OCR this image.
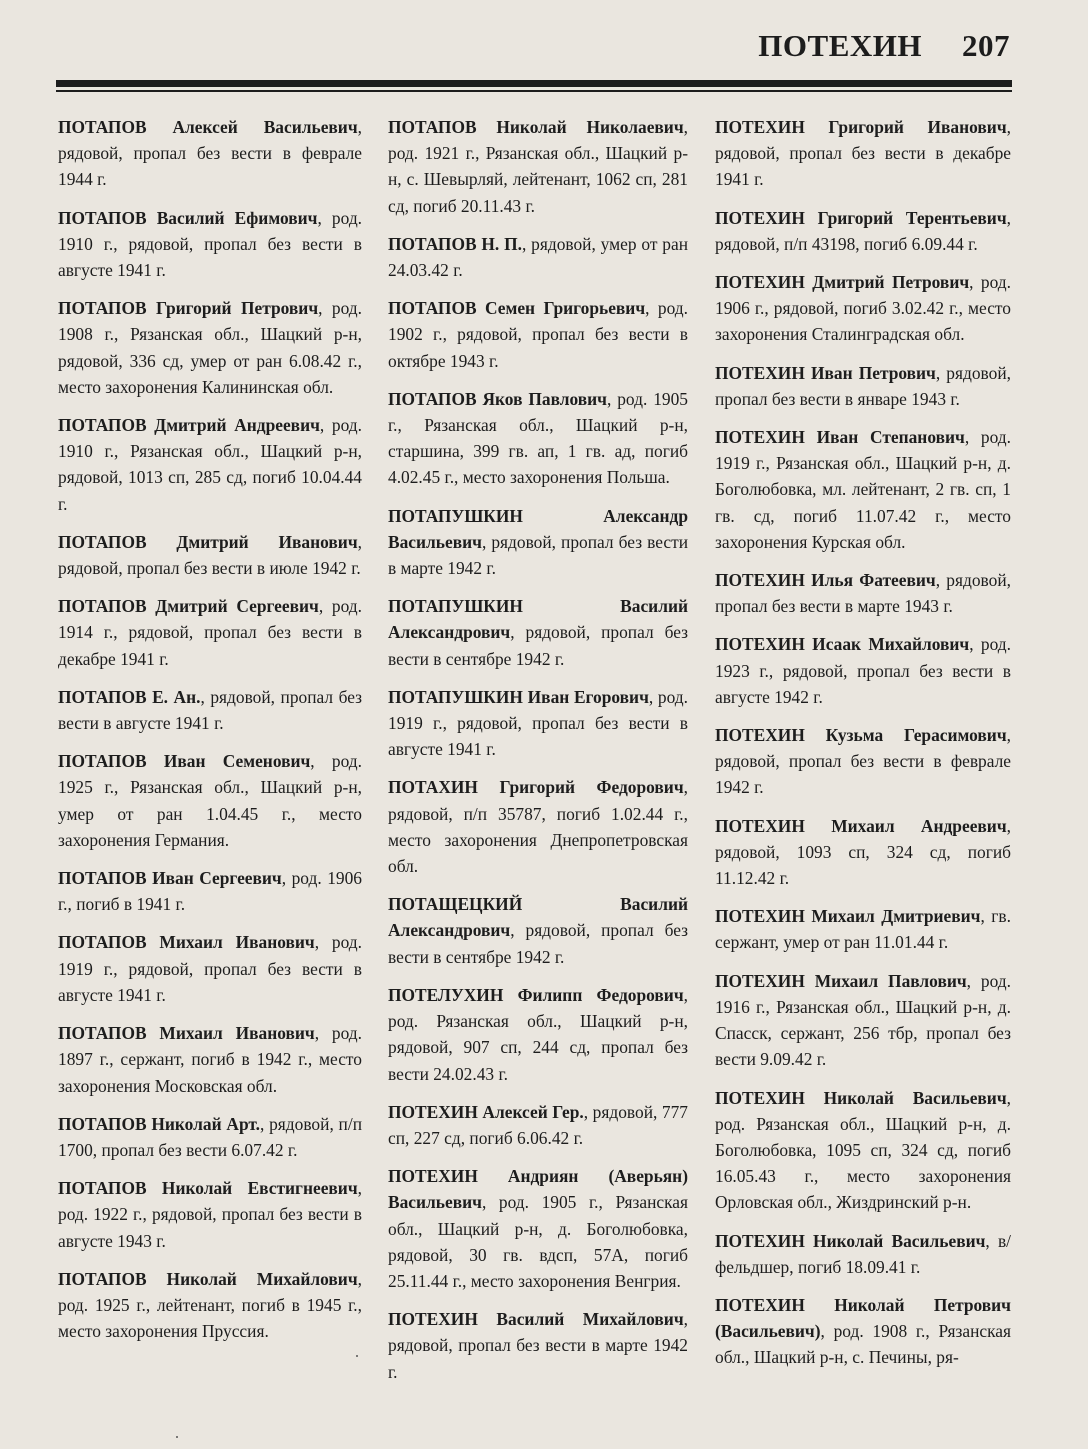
ПОТЕХИН 207

ПОТАПОВ Алексей Васильевич, рядовой, пропал без вести в феврале 1944 г.

ПОТАПОВ Василий Ефимович, род. 1910 г., рядовой, пропал без вести в августе 1941 г.

ПОТАПОВ Григорий Петрович, род. 1908 г., Рязанская обл., Шацкий р-н, рядовой, 336 сд, умер от ран 6.08.42 г., место захоронения Калининская обл.

ПОТАПОВ Дмитрий Андреевич, род. 1910 г., Рязанская обл., Шацкий р-н, рядовой, 1013 сп, 285 сд, погиб 10.04.44 г.

ПОТАПОВ Дмитрий Иванович, рядовой, пропал без вести в июле 1942 г.

ПОТАПОВ Дмитрий Сергеевич, род. 1914 г., рядовой, пропал без вести в декабре 1941 г.

ПОТАПОВ Е. Ан., рядовой, пропал без вести в августе 1941 г.

ПОТАПОВ Иван Семенович, род. 1925 г., Рязанская обл., Шацкий р-н, умер от ран 1.04.45 г., место захоронения Германия.

ПОТАПОВ Иван Сергеевич, род. 1906 г., погиб в 1941 г.

ПОТАПОВ Михаил Иванович, род. 1919 г., рядовой, пропал без вести в августе 1941 г.

ПОТАПОВ Михаил Иванович, род. 1897 г., сержант, погиб в 1942 г., место захоронения Московская обл.

ПОТАПОВ Николай Арт., рядовой, п/п 1700, пропал без вести 6.07.42 г.

ПОТАПОВ Николай Евстигнеевич, род. 1922 г., рядовой, пропал без вести в августе 1943 г.

ПОТАПОВ Николай Михайлович, род. 1925 г., лейтенант, погиб в 1945 г., место захоронения Пруссия.

ПОТАПОВ Николай Николаевич, род. 1921 г., Рязанская обл., Шацкий р-н, с. Шевырляй, лейтенант, 1062 сп, 281 сд, погиб 20.11.43 г.

ПОТАПОВ Н. П., рядовой, умер от ран 24.03.42 г.

ПОТАПОВ Семен Григорьевич, род. 1902 г., рядовой, пропал без вести в октябре 1943 г.

ПОТАПОВ Яков Павлович, род. 1905 г., Рязанская обл., Шацкий р-н, старшина, 399 гв. ап, 1 гв. ад, погиб 4.02.45 г., место захоронения Польша.

ПОТАПУШКИН Александр Васильевич, рядовой, пропал без вести в марте 1942 г.

ПОТАПУШКИН Василий Александрович, рядовой, пропал без вести в сентябре 1942 г.

ПОТАПУШКИН Иван Егорович, род. 1919 г., рядовой, пропал без вести в августе 1941 г.

ПОТАХИН Григорий Федорович, рядовой, п/п 35787, погиб 1.02.44 г., место захоронения Днепропетровская обл.

ПОТАЩЕЦКИЙ Василий Александрович, рядовой, пропал без вести в сентябре 1942 г.

ПОТЕЛУХИН Филипп Федорович, род. Рязанская обл., Шацкий р-н, рядовой, 907 сп, 244 сд, пропал без вести 24.02.43 г.

ПОТЕХИН Алексей Гер., рядовой, 777 сп, 227 сд, погиб 6.06.42 г.

ПОТЕХИН Андриян (Аверьян) Васильевич, род. 1905 г., Рязанская обл., Шацкий р-н, д. Боголюбовка, рядовой, 30 гв. вдсп, 57А, погиб 25.11.44 г., место захоронения Венгрия.

ПОТЕХИН Василий Михайлович, рядовой, пропал без вести в марте 1942 г.

ПОТЕХИН Григорий Иванович, рядовой, пропал без вести в декабре 1941 г.

ПОТЕХИН Григорий Терентьевич, рядовой, п/п 43198, погиб 6.09.44 г.

ПОТЕХИН Дмитрий Петрович, род. 1906 г., рядовой, погиб 3.02.42 г., место захоронения Сталинградская обл.

ПОТЕХИН Иван Петрович, рядовой, пропал без вести в январе 1943 г.

ПОТЕХИН Иван Степанович, род. 1919 г., Рязанская обл., Шацкий р-н, д. Боголюбовка, мл. лейтенант, 2 гв. сп, 1 гв. сд, погиб 11.07.42 г., место захоронения Курская обл.

ПОТЕХИН Илья Фатеевич, рядовой, пропал без вести в марте 1943 г.

ПОТЕХИН Исаак Михайлович, род. 1923 г., рядовой, пропал без вести в августе 1942 г.

ПОТЕХИН Кузьма Герасимович, рядовой, пропал без вести в феврале 1942 г.

ПОТЕХИН Михаил Андреевич, рядовой, 1093 сп, 324 сд, погиб 11.12.42 г.

ПОТЕХИН Михаил Дмитриевич, гв. сержант, умер от ран 11.01.44 г.

ПОТЕХИН Михаил Павлович, род. 1916 г., Рязанская обл., Шацкий р-н, д. Спасск, сержант, 256 тбр, пропал без вести 9.09.42 г.

ПОТЕХИН Николай Васильевич, род. Рязанская обл., Шацкий р-н, д. Боголюбовка, 1095 сп, 324 сд, погиб 16.05.43 г., место захоронения Орловская обл., Жиздринский р-н.

ПОТЕХИН Николай Васильевич, в/фельдшер, погиб 18.09.41 г.

ПОТЕХИН Николай Петрович (Васильевич), род. 1908 г., Рязанская обл., Шацкий р-н, с. Печины, ря-
